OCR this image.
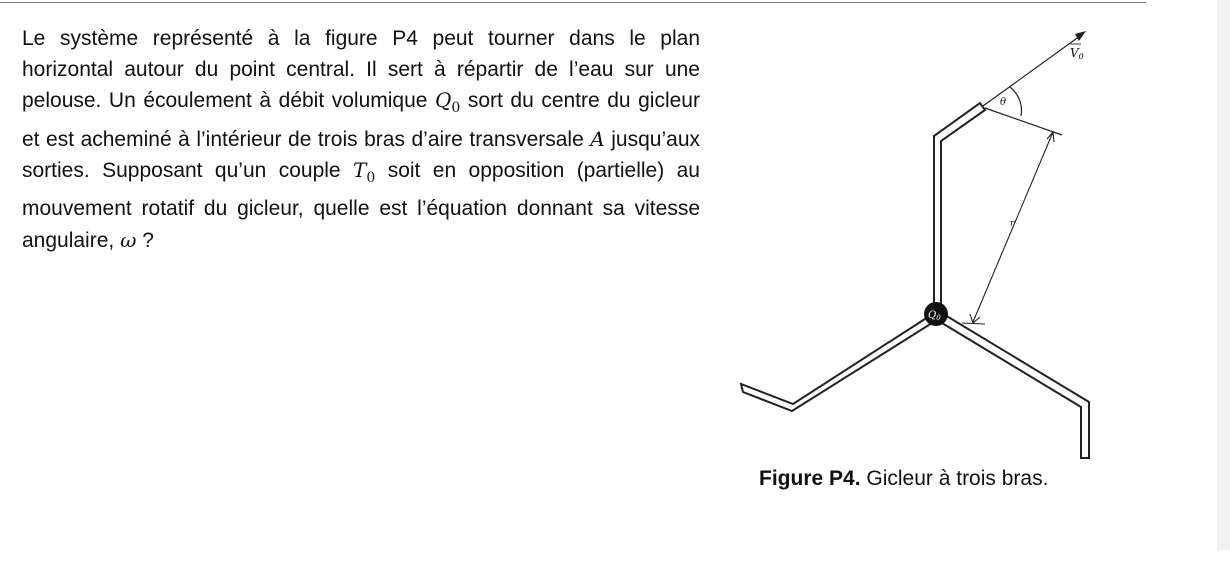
Le système représenté à la figure P4 peut tourner dans le plan horizontal autour du point central. Il sert à répartir de l’eau sur une pelouse. Un écoulement à débit volumique $Q_0$ sort du centre du gicleur et est acheminé à l’intérieur de trois bras d’aire transversale A jusqu’aux sorties. Supposant qu’un couple $T_0$ soit en opposition (partielle) au mouvement rotatif du gicleur, quelle est l’équation donnant sa vitesse angulaire, ω ?

$Q_0$
V0
θ
r

Figure P4. Gicleur à trois bras.
